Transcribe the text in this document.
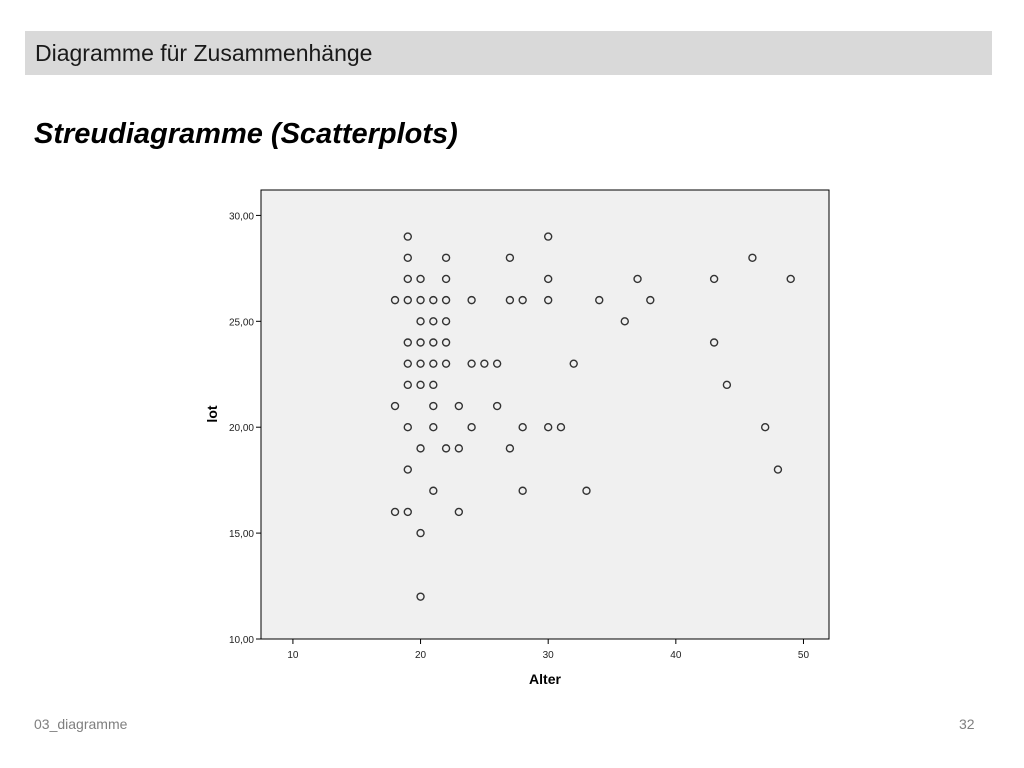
Diagramme für Zusammenhänge
Streudiagramme (Scatterplots)
10,00
15,00
20,00
25,00
30,00
10	20	30	40	50
Alter
lot
03_diagramme	32
